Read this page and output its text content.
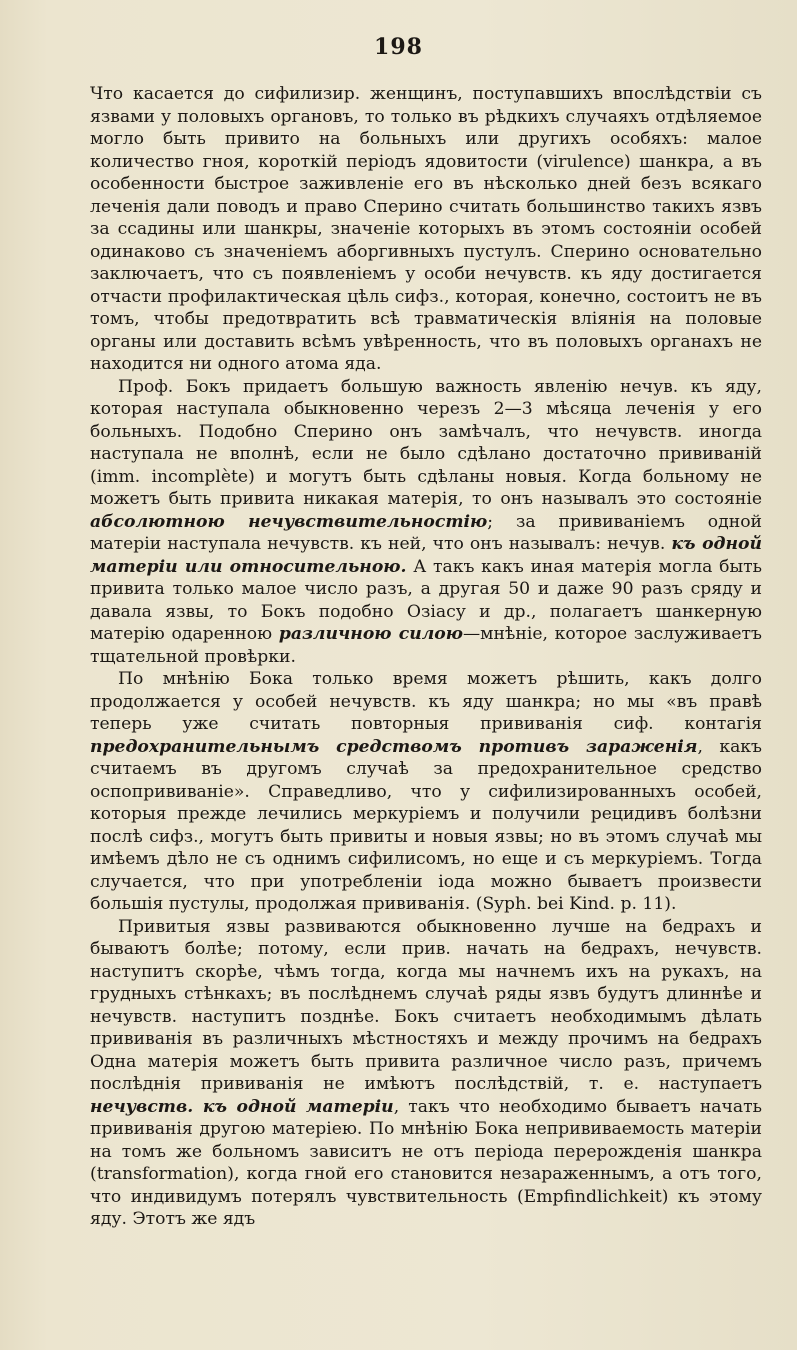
198

Что касается до сифилизир. женщинъ, поступавшихъ впослѣдствіи съ язвами у половыхъ органовъ, то только въ рѣдкихъ случаяхъ отдѣляемое могло быть привито на больныхъ или другихъ особяхъ: малое количество гноя, короткій періодъ ядовитости (virulence) шанкра, а въ особенности быстрое заживленіе его въ нѣсколько дней безъ всякаго леченія дали поводъ и право Сперино считать большинство такихъ язвъ за ссадины или шанкры, значеніе которыхъ въ этомъ состояніи особей одинаково съ значеніемъ аборгивныхъ пустулъ. Сперино основательно заключаетъ, что съ появленіемъ у особи нечувств. къ яду достигается отчасти профилактическая цѣль сифз., которая, конечно, состоитъ не въ томъ, чтобы предотвратить всѣ травматическія вліянія на половые органы или доставить всѣмъ увѣренность, что въ половыхъ органахъ не находится ни одного атома яда.

Проф. Бокъ придаетъ большую важность явленію нечув. къ яду, которая наступала обыкновенно черезъ 2—3 мѣсяца леченія у его больныхъ. Подобно Сперино онъ замѣчалъ, что нечувств. иногда наступала не вполнѣ, если не было сдѣлано достаточно прививаній (imm. incomplète) и могутъ быть сдѣланы новыя. Когда больному не можетъ быть привита никакая матерія, то онъ называлъ это состояніе абсолютною нечувствительностію; за прививаніемъ одной матеріи наступала нечувств. къ ней, что онъ называлъ: нечув. къ одной матеріи или относительною. А такъ какъ иная матерія могла быть привита только малое число разъ, а другая 50 и даже 90 разъ сряду и давала язвы, то Бокъ подобно Озіасу и др., полагаетъ шанкерную матерію одаренною различною силою—мнѣніе, которое заслуживаетъ тщательной провѣрки.

По мнѣнію Бока только время можетъ рѣшить, какъ долго продолжается у особей нечувств. къ яду шанкра; но мы «въ правѣ теперь уже считать повторныя прививанія сиф. контагія предохранительнымъ средствомъ противъ зараженія, какъ считаемъ въ другомъ случаѣ за предохранительное средство оспопрививаніе». Справедливо, что у сифилизированныхъ особей, которыя прежде лечились меркуріемъ и получили рецидивъ болѣзни послѣ сифз., могутъ быть привиты и новыя язвы; но въ этомъ случаѣ мы имѣемъ дѣло не съ однимъ сифилисомъ, но еще и съ меркуріемъ. Тогда случается, что при употребленіи іода можно бываетъ произвести большія пустулы, продолжая прививанія. (Syph. bei Kind. p. 11).

Привитыя язвы развиваются обыкновенно лучше на бедрахъ и бываютъ болѣе; потому, если прив. начать на бедрахъ, нечувств. наступитъ скорѣе, чѣмъ тогда, когда мы начнемъ ихъ на рукахъ, на грудныхъ стѣнкахъ; въ послѣднемъ случаѣ ряды язвъ будутъ длиннѣе и нечувств. наступитъ позднѣе. Бокъ считаетъ необходимымъ дѣлать прививанія въ различныхъ мѣстностяхъ и между прочимъ на бедрахъ Одна матерія можетъ быть привита различное число разъ, причемъ послѣднія прививанія не имѣютъ послѣдствій, т. е. наступаетъ нечувств. къ одной матеріи, такъ что необходимо бываетъ начать прививанія другою матеріею. По мнѣнію Бока непрививаемость матеріи на томъ же больномъ зависитъ не отъ періода перерожденія шанкра (transformation), когда гной его становится незараженнымъ, а отъ того, что индивидумъ потерялъ чувствительность (Empfindlichkeit) къ этому яду. Этотъ же ядъ
